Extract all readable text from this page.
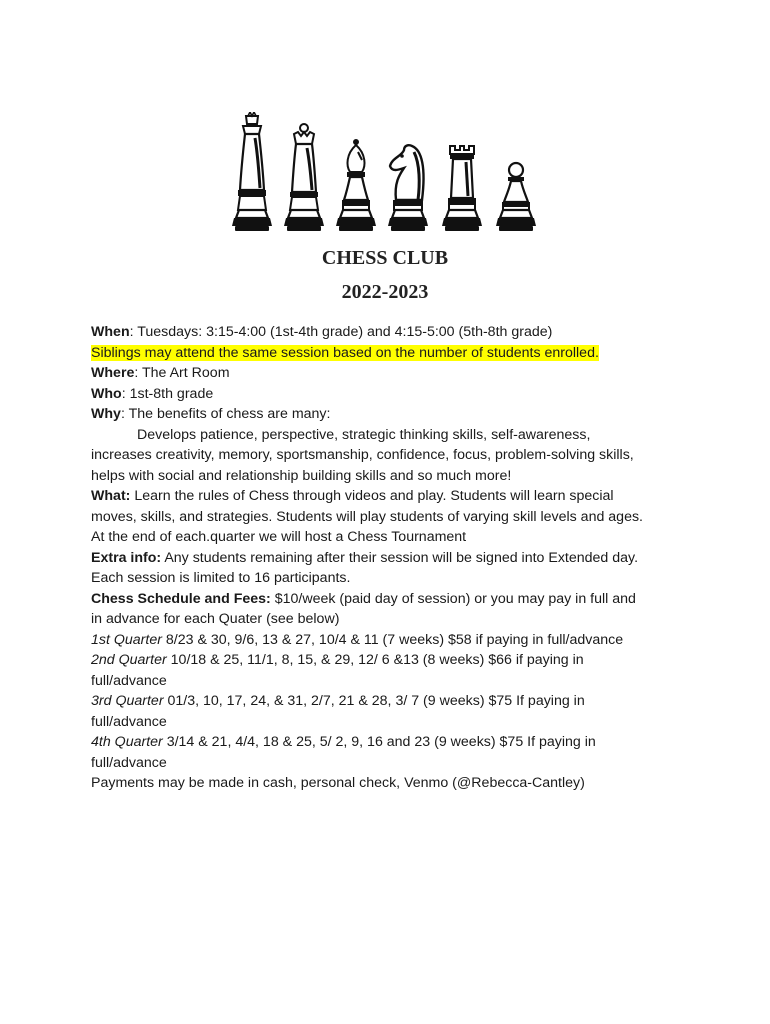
CHESS CLUB
2022-2023
When: Tuesdays: 3:15-4:00 (1st-4th grade) and 4:15-5:00 (5th-8th grade)
Siblings may attend the same session based on the number of students enrolled.
Where: The Art Room
Who: 1st-8th grade
Why: The benefits of chess are many:
Develops patience, perspective, strategic thinking skills, self-awareness,
increases creativity, memory, sportsmanship, confidence, focus, problem-solving skills,
helps with social and relationship building skills and so much more!
What: Learn the rules of Chess through videos and play. Students will learn special
moves, skills, and strategies. Students will play students of varying skill levels and ages.
At the end of each.quarter we will host a Chess Tournament
Extra info: Any students remaining after their session will be signed into Extended day.
Each session is limited to 16 participants.
Chess Schedule and Fees: $10/week (paid day of session) or you may pay in full and
in advance for each Quater (see below)
1st Quarter 8/23 & 30, 9/6, 13 & 27, 10/4 & 11 (7 weeks) $58 if paying in full/advance
2nd Quarter 10/18 & 25, 11/1, 8, 15, & 29, 12/ 6 &13 (8 weeks) $66 if paying in
full/advance
3rd Quarter 01/3, 10, 17, 24, & 31, 2/7, 21 & 28, 3/ 7 (9 weeks) $75 If paying in
full/advance
4th Quarter 3/14 & 21, 4/4, 18 & 25, 5/ 2, 9, 16 and 23 (9 weeks) $75 If paying in
full/advance
Payments may be made in cash, personal check, Venmo (@Rebecca-Cantley)
